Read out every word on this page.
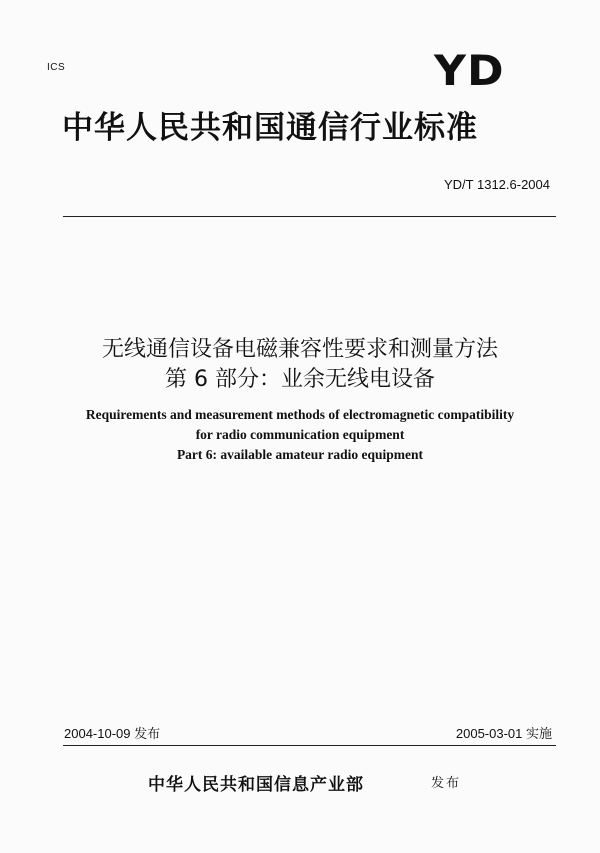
ICS	YD
中华人民共和国通信行业标准
YD/T 1312.6-2004
无线通信设备电磁兼容性要求和测量方法
第 6 部分：业余无线电设备
Requirements and measurement methods of electromagnetic compatibility
for radio communication equipment
Part 6: available amateur radio equipment
2004-10-09 发布	2005-03-01 实施
中华人民共和国信息产业部	发布
